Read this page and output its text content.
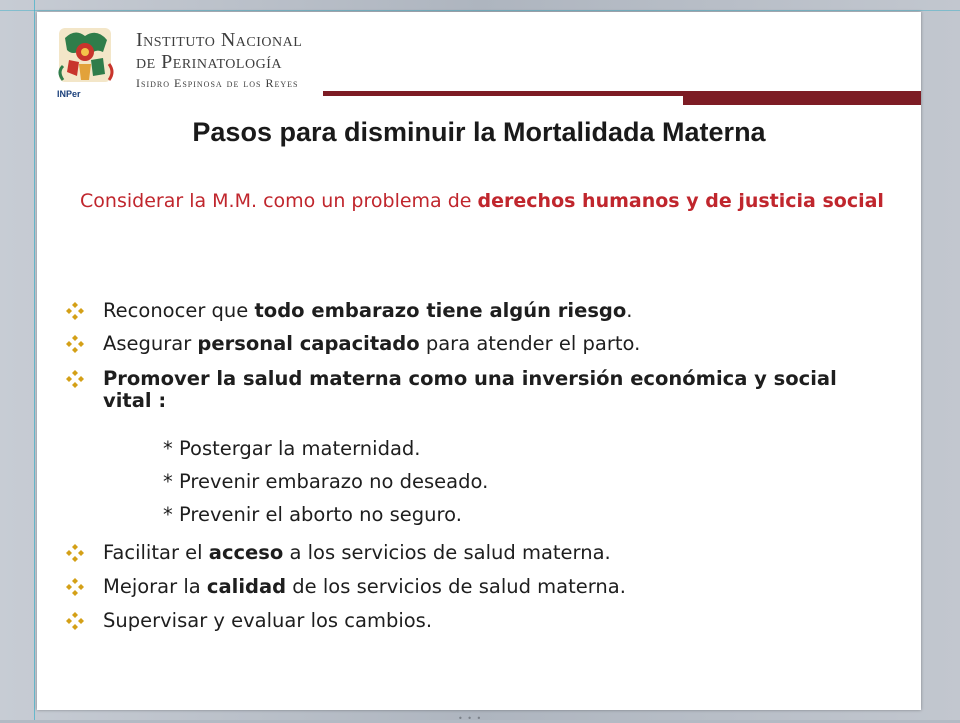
INPer
Instituto Nacional
de Perinatología
Isidro Espinosa de los Reyes
Pasos para disminuir la Mortalidada Materna
Considerar la M.M. como un problema de derechos humanos y de justicia social
Reconocer que todo embarazo tiene algún riesgo.
Asegurar personal capacitado para atender el parto.
Promover la salud materna como una inversión económica y social vital :
* Postergar la maternidad.
* Prevenir embarazo no deseado.
* Prevenir el aborto no seguro.
Facilitar el acceso a los servicios de salud materna.
Mejorar la calidad de los servicios de salud materna.
Supervisar y evaluar los cambios.
• • •
